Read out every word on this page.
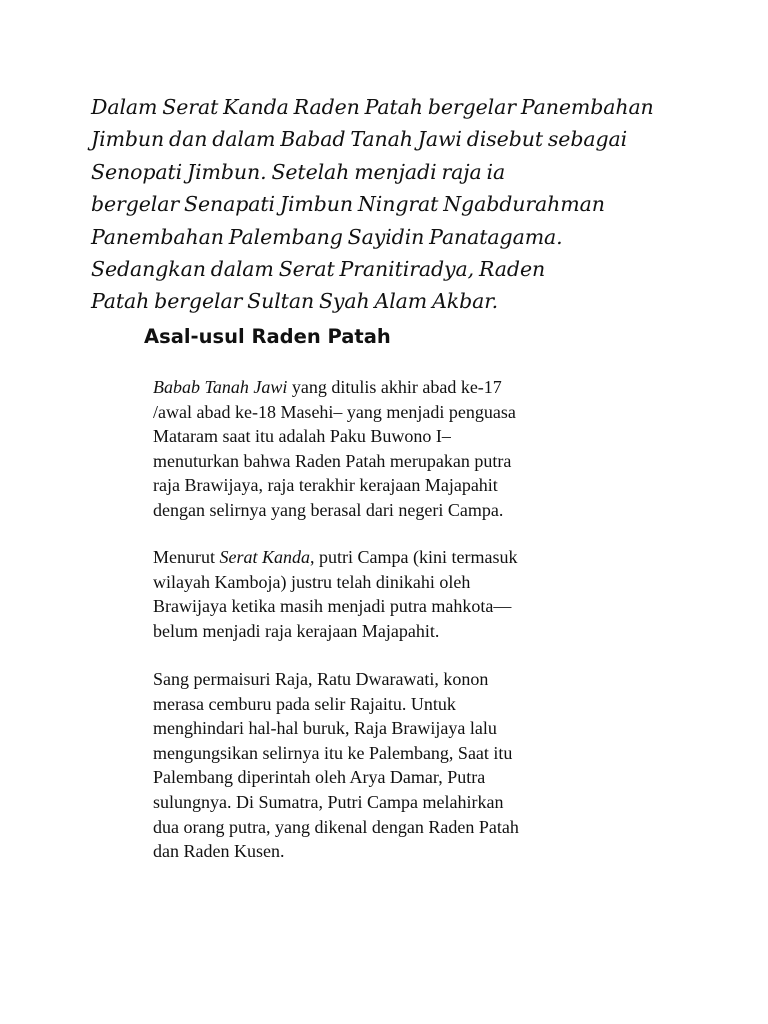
Dalam Serat Kanda Raden Patah bergelar Panembahan
Jimbun dan dalam Babad Tanah Jawi disebut sebagai
Senopati Jimbun. Setelah menjadi raja ia
bergelar Senapati Jimbun Ningrat Ngabdurahman
Panembahan Palembang Sayidin Panatagama.
Sedangkan dalam Serat Pranitiradya, Raden
Patah bergelar Sultan Syah Alam Akbar.
Asal-usul Raden Patah
Babab Tanah Jawi yang ditulis akhir abad ke-17
/awal abad ke-18 Masehi– yang menjadi penguasa
Mataram saat itu adalah Paku Buwono I–
menuturkan bahwa Raden Patah merupakan putra
raja Brawijaya, raja terakhir kerajaan Majapahit
dengan selirnya yang berasal dari negeri Campa.
Menurut Serat Kanda, putri Campa (kini termasuk
wilayah Kamboja) justru telah dinikahi oleh
Brawijaya ketika masih menjadi putra mahkota—
belum menjadi raja kerajaan Majapahit.
Sang permaisuri Raja, Ratu Dwarawati, konon
merasa cemburu pada selir Rajaitu. Untuk
menghindari hal-hal buruk, Raja Brawijaya lalu
mengungsikan selirnya itu ke Palembang, Saat itu
Palembang diperintah oleh Arya Damar, Putra
sulungnya. Di Sumatra, Putri Campa melahirkan
dua orang putra, yang dikenal dengan Raden Patah
dan Raden Kusen.
